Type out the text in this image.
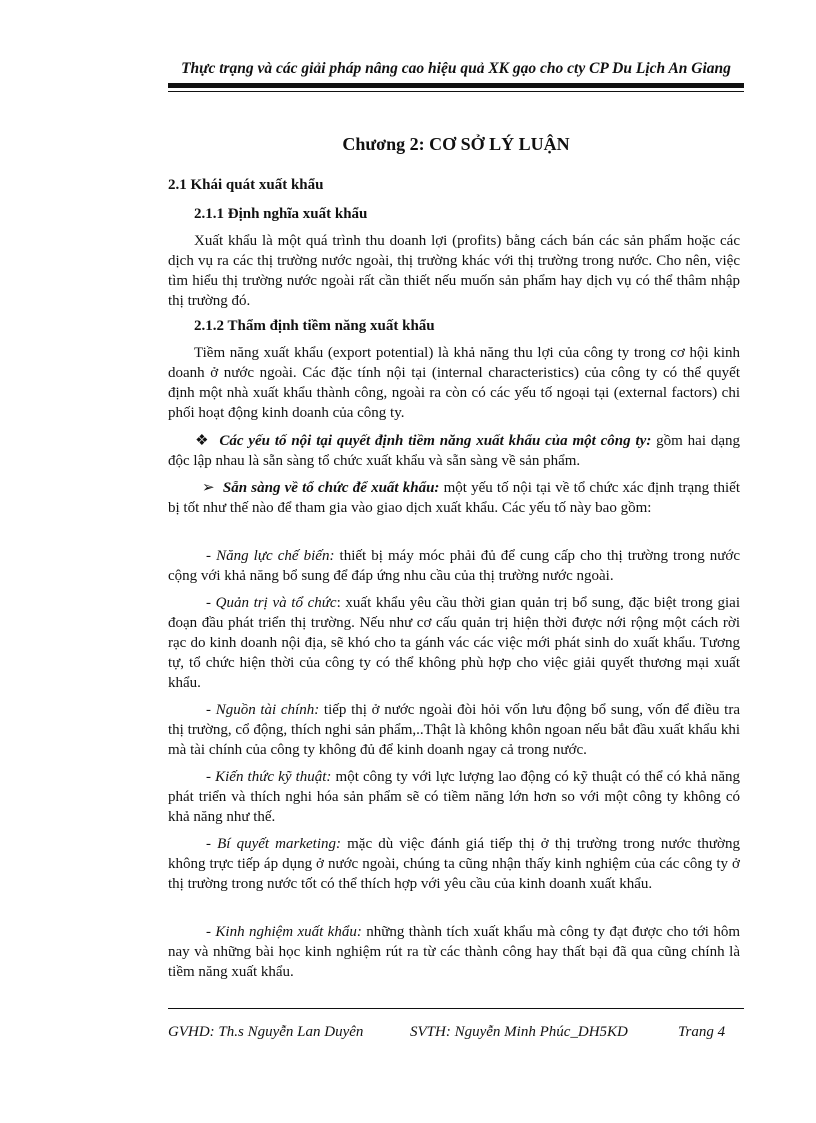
Thực trạng và các giải pháp nâng cao hiệu quả XK gạo cho cty CP Du Lịch An Giang
Chương 2: CƠ SỞ LÝ LUẬN
2.1 Khái quát xuất khẩu
2.1.1 Định nghĩa xuất khẩu
Xuất khẩu là một quá trình thu doanh lợi (profits) bằng cách bán các sản phẩm hoặc các dịch vụ ra các thị trường nước ngoài, thị trường khác với thị trường trong nước. Cho nên, việc tìm hiểu thị trường nước ngoài rất cần thiết nếu muốn sản phẩm hay dịch vụ có thể thâm nhập thị trường đó.
2.1.2 Thẩm định tiềm năng xuất khẩu
Tiềm năng xuất khẩu (export potential) là khả năng thu lợi của công ty trong cơ hội kinh doanh ở nước ngoài. Các đặc tính nội tại (internal characteristics) của công ty có thể quyết định một nhà xuất khẩu thành công, ngoài ra còn có các yếu tố ngoại tại (external factors) chi phối hoạt động kinh doanh của công ty.
❖ Các yếu tố nội tại quyết định tiềm năng xuất khẩu của một công ty: gồm hai dạng độc lập nhau là sẵn sàng tổ chức xuất khẩu và sẵn sàng về sản phẩm.
➢ Sẵn sàng về tổ chức để xuất khẩu: một yếu tố nội tại về tổ chức xác định trạng thiết bị tốt như thế nào để tham gia vào giao dịch xuất khẩu. Các yếu tố này bao gồm:
- Năng lực chế biến: thiết bị máy móc phải đủ để cung cấp cho thị trường trong nước cộng với khả năng bổ sung để đáp ứng nhu cầu của thị trường nước ngoài.
- Quản trị và tổ chức: xuất khẩu yêu cầu thời gian quản trị bổ sung, đặc biệt trong giai đoạn đầu phát triển thị trường. Nếu như cơ cấu quản trị hiện thời được nới rộng một cách rời rạc do kinh doanh nội địa, sẽ khó cho ta gánh vác các việc mới phát sinh do xuất khẩu. Tương tự, tổ chức hiện thời của công ty có thể không phù hợp cho việc giải quyết thương mại xuất khẩu.
- Nguồn tài chính: tiếp thị ở nước ngoài đòi hỏi vốn lưu động bổ sung, vốn để điều tra thị trường, cổ động, thích nghi sản phẩm,..Thật là không khôn ngoan nếu bắt đầu xuất khẩu khi mà tài chính của công ty không đủ để kinh doanh ngay cả trong nước.
- Kiến thức kỹ thuật: một công ty với lực lượng lao động có kỹ thuật có thể có khả năng phát triển và thích nghi hóa sản phẩm sẽ có tiềm năng lớn hơn so với một công ty không có khả năng như thế.
- Bí quyết marketing: mặc dù việc đánh giá tiếp thị ở thị trường trong nước thường không trực tiếp áp dụng ở nước ngoài, chúng ta cũng nhận thấy kinh nghiệm của các công ty ở thị trường trong nước tốt có thể thích hợp với yêu cầu của kinh doanh xuất khẩu.
- Kinh nghiệm xuất khẩu: những thành tích xuất khẩu mà công ty đạt được cho tới hôm nay và những bài học kinh nghiệm rút ra từ các thành công hay thất bại đã qua cũng chính là tiềm năng xuất khẩu.
GVHD: Th.s Nguyễn Lan Duyên	SVTH: Nguyễn Minh Phúc_DH5KD	Trang 4
